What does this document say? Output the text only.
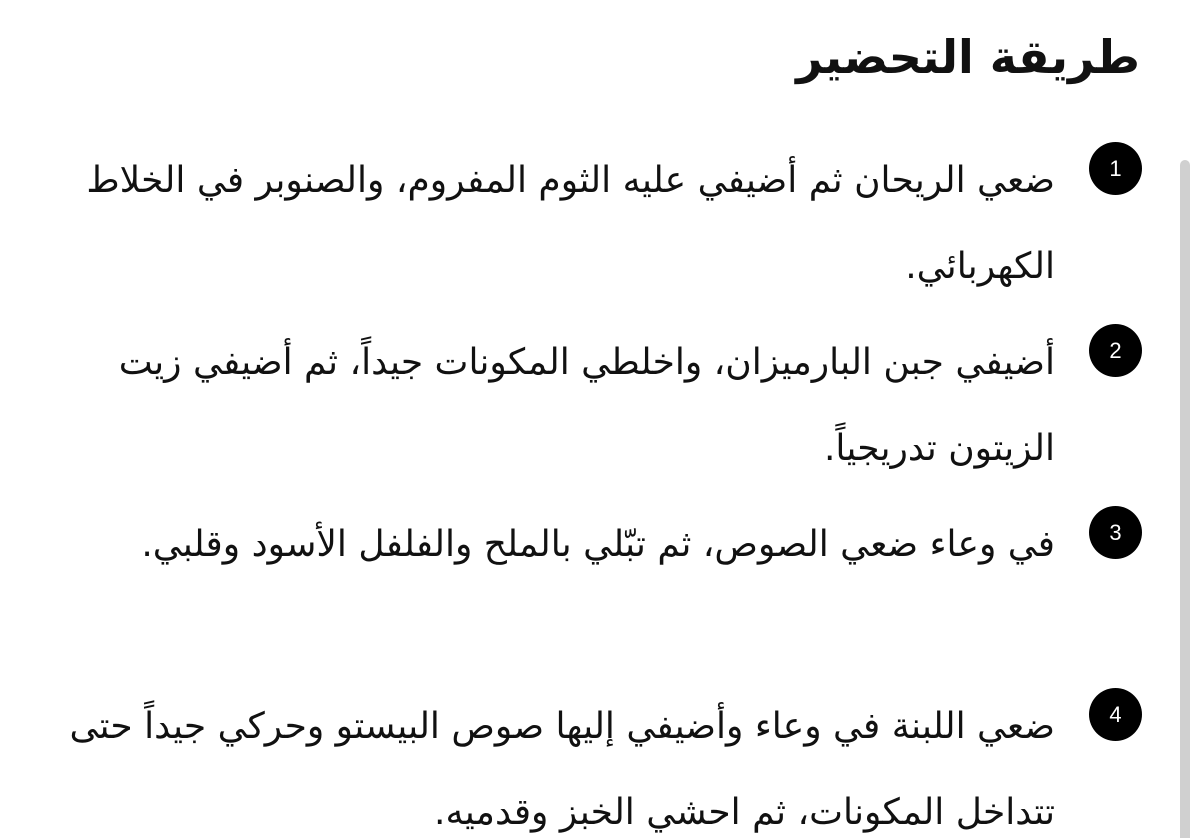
طريقة التحضير
1
ضعي الريحان ثم أضيفي عليه الثوم المفروم، والصنوبر في الخلاط الكهربائي.
2
أضيفي جبن البارميزان، واخلطي المكونات جيداً، ثم أضيفي زيت الزيتون تدريجياً.
3
في وعاء ضعي الصوص، ثم تبّلي بالملح والفلفل الأسود وقلبي.
4
ضعي اللبنة في وعاء وأضيفي إليها صوص البيستو وحركي جيداً حتى تتداخل المكونات، ثم احشي الخبز وقدميه.
